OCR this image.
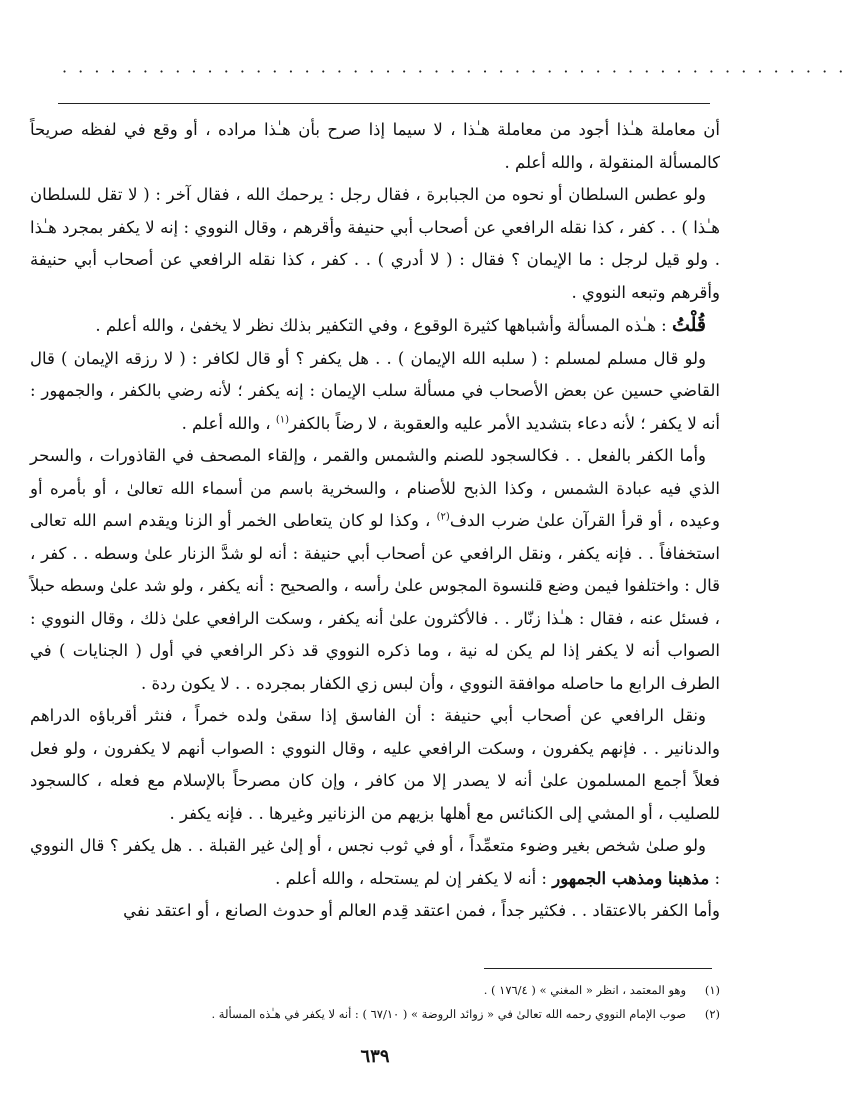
· · · · · · · · · · · · · · · · · · · · · · · · · · · · · · · · · · · · · · · · · · · · · · · · ·

أن معاملة هـٰذا أجود من معاملة هـٰذا ، لا سيما إذا صرح بأن هـٰذا مراده ، أو وقع في لفظه صريحاً كالمسألة المنقولة ، والله أعلم .

ولو عطس السلطان أو نحوه من الجبابرة ، فقال رجل : يرحمك الله ، فقال آخر : ( لا تقل للسلطان هـٰذا ) . . كفر ، كذا نقله الرافعي عن أصحاب أبي حنيفة وأقرهم ، وقال النووي : إنه لا يكفر بمجرد هـٰذا . ولو قيل لرجل : ما الإيمان ؟ فقال : ( لا أدري ) . . كفر ، كذا نقله الرافعي عن أصحاب أبي حنيفة وأقرهم وتبعه النووي .

قُلْتُ : هـٰذه المسألة وأشباهها كثيرة الوقوع ، وفي التكفير بذلك نظر لا يخفىٰ ، والله أعلم .

ولو قال مسلم لمسلم : ( سلبه الله الإيمان ) . . هل يكفر ؟ أو قال لكافر : ( لا رزقه الإيمان ) قال القاضي حسين عن بعض الأصحاب في مسألة سلب الإيمان : إنه يكفر ؛ لأنه رضي بالكفر ، والجمهور : أنه لا يكفر ؛ لأنه دعاء بتشديد الأمر عليه والعقوبة ، لا رضاً بالكفر$^{(١)}$ ، والله أعلم .

وأما الكفر بالفعل . . فكالسجود للصنم والشمس والقمر ، وإلقاء المصحف في القاذورات ، والسحر الذي فيه عبادة الشمس ، وكذا الذبح للأصنام ، والسخرية باسم من أسماء الله تعالىٰ ، أو بأمره أو وعيده ، أو قرأ القرآن علىٰ ضرب الدف$^{(٢)}$ ، وكذا لو كان يتعاطى الخمر أو الزنا ويقدم اسم الله تعالى استخفافاً . . فإنه يكفر ، ونقل الرافعي عن أصحاب أبي حنيفة : أنه لو شدَّ الزنار علىٰ وسطه . . كفر ، قال : واختلفوا فيمن وضع قلنسوة المجوس علىٰ رأسه ، والصحيح : أنه يكفر ، ولو شد علىٰ وسطه حبلاً ، فسئل عنه ، فقال : هـٰذا زنّار . . فالأكثرون علىٰ أنه يكفر ، وسكت الرافعي علىٰ ذلك ، وقال النووي : الصواب أنه لا يكفر إذا لم يكن له نية ، وما ذكره النووي قد ذكر الرافعي في أول ( الجنايات ) في الطرف الرابع ما حاصله موافقة النووي ، وأن لبس زي الكفار بمجرده . . لا يكون ردة .

ونقل الرافعي عن أصحاب أبي حنيفة : أن الفاسق إذا سقىٰ ولده خمراً ، فنثر أقرباؤه الدراهم والدنانير . . فإنهم يكفرون ، وسكت الرافعي عليه ، وقال النووي : الصواب أنهم لا يكفرون ، ولو فعل فعلاً أجمع المسلمون علىٰ أنه لا يصدر إلا من كافر ، وإن كان مصرحاً بالإسلام مع فعله ، كالسجود للصليب ، أو المشي إلى الكنائس مع أهلها بزيهم من الزنانير وغيرها . . فإنه يكفر .

ولو صلىٰ شخص بغير وضوء متعمِّداً ، أو في ثوب نجس ، أو إلىٰ غير القبلة . . هل يكفر ؟ قال النووي : مذهبنا ومذهب الجمهور : أنه لا يكفر إن لم يستحله ، والله أعلم .

وأما الكفر بالاعتقاد . . فكثير جداً ، فمن اعتقد قِدم العالم أو حدوث الصانع ، أو اعتقد نفي

(١)
وهو المعتمد ، انظر « المغني » ( ١٧٦/٤ ) .
(٢)
صوب الإمام النووي رحمه الله تعالىٰ في « زوائد الروضة » ( ٦٧/١٠ ) : أنه لا يكفر في هـٰذه المسألة .
٦٣٩
